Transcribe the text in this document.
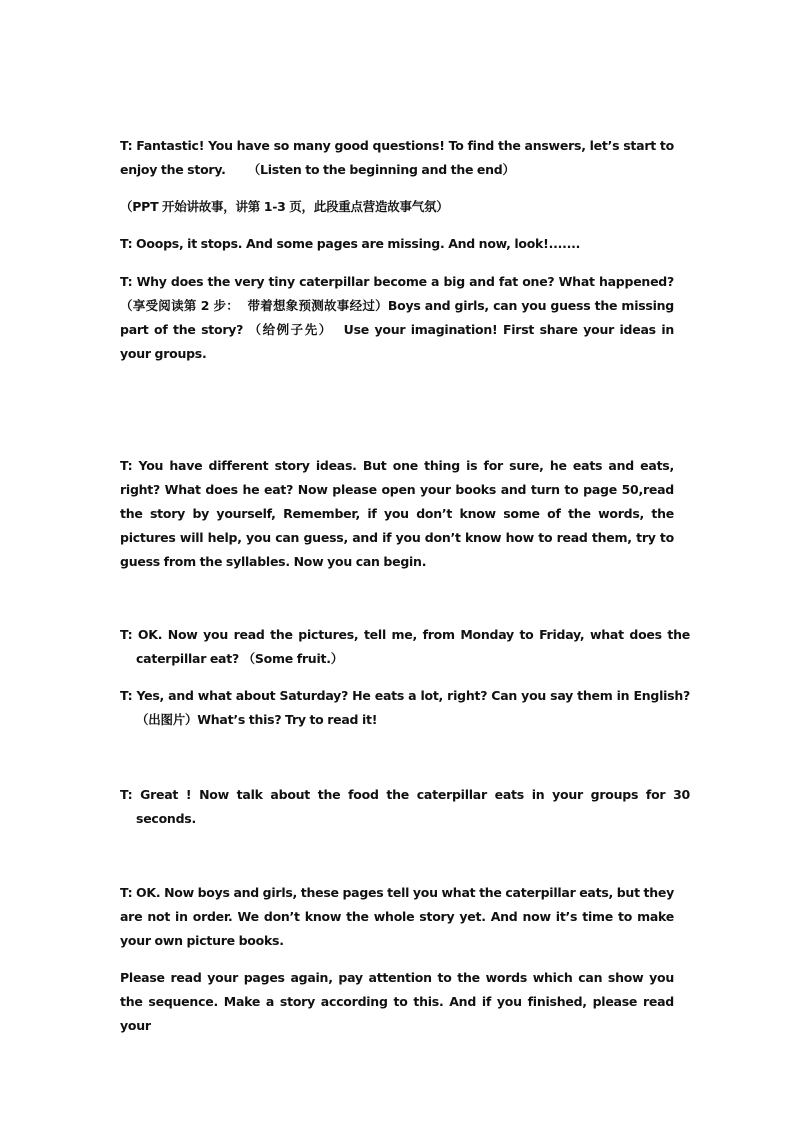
T: Fantastic! You have so many good questions! To find the answers, let’s start to enjoy the story.      （Listen to the beginning and the end）

（PPT 开始讲故事，讲第 1-3 页，此段重点营造故事气氛）

T: Ooops, it stops. And some pages are missing. And now, look!.......

T: Why does the very tiny caterpillar become a big and fat one? What happened? （享受阅读第 2 步：  带着想象预测故事经过）Boys and girls, can you guess the missing part of the story? （给例子先）  Use your imagination! First share your ideas in your groups.

T: You have different story ideas. But one thing is for sure, he eats and eats, right? What does he eat? Now please open your books and turn to page 50,read the story by yourself, Remember, if you don’t know some of the words, the pictures will help, you can guess, and if you don’t know how to read them, try to guess from the syllables. Now you can begin.

T: OK. Now you read the pictures, tell me, from Monday to Friday, what does the caterpillar eat? （Some fruit.）

T: Yes, and what about Saturday? He eats a lot, right? Can you say them in English? （出图片）What’s this? Try to read it!

T: Great ! Now talk about the food the caterpillar eats in your groups for 30 seconds.

T: OK. Now boys and girls, these pages tell you what the caterpillar eats, but they are not in order. We don’t know the whole story yet. And now it’s time to make your own picture books.

Please read your pages again, pay attention to the words which can show you the sequence. Make a story according to this. And if you finished, please read your
